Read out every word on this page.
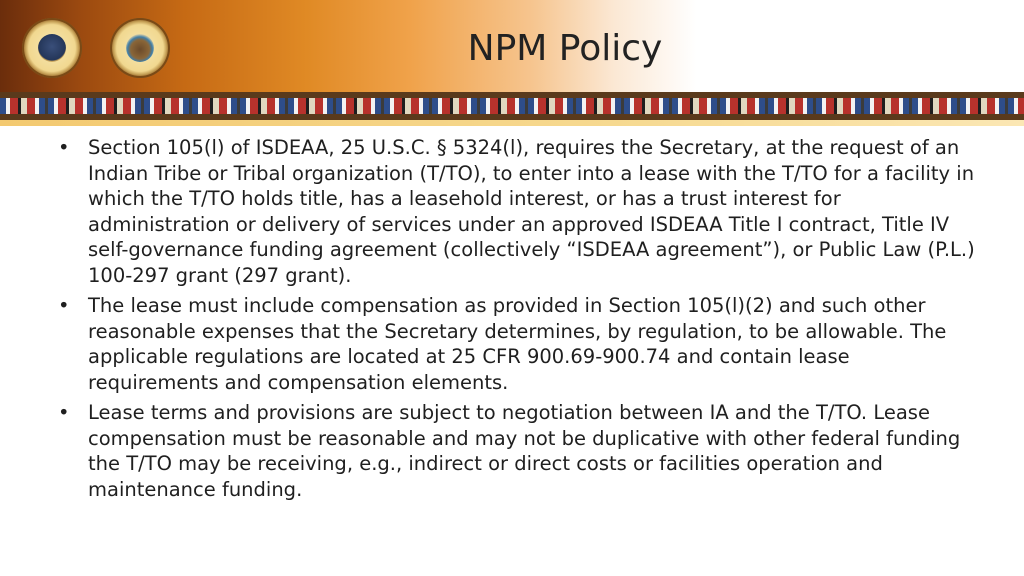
NPM Policy
• Section 105(l) of ISDEAA, 25 U.S.C. § 5324(l), requires the Secretary, at the request of an Indian Tribe or Tribal organization (T/TO), to enter into a lease with the T/TO for a facility in which the T/TO holds title, has a leasehold interest, or has a trust interest for administration or delivery of services under an approved ISDEAA Title I contract, Title IV self-governance funding agreement (collectively “ISDEAA agreement”), or Public Law (P.L.) 100-297 grant (297 grant).
• The lease must include compensation as provided in Section 105(l)(2) and such other reasonable expenses that the Secretary determines, by regulation, to be allowable. The applicable regulations are located at 25 CFR 900.69-900.74 and contain lease requirements and compensation elements.
• Lease terms and provisions are subject to negotiation between IA and the T/TO. Lease compensation must be reasonable and may not be duplicative with other federal funding the T/TO may be receiving, e.g., indirect or direct costs or facilities operation and maintenance funding.
